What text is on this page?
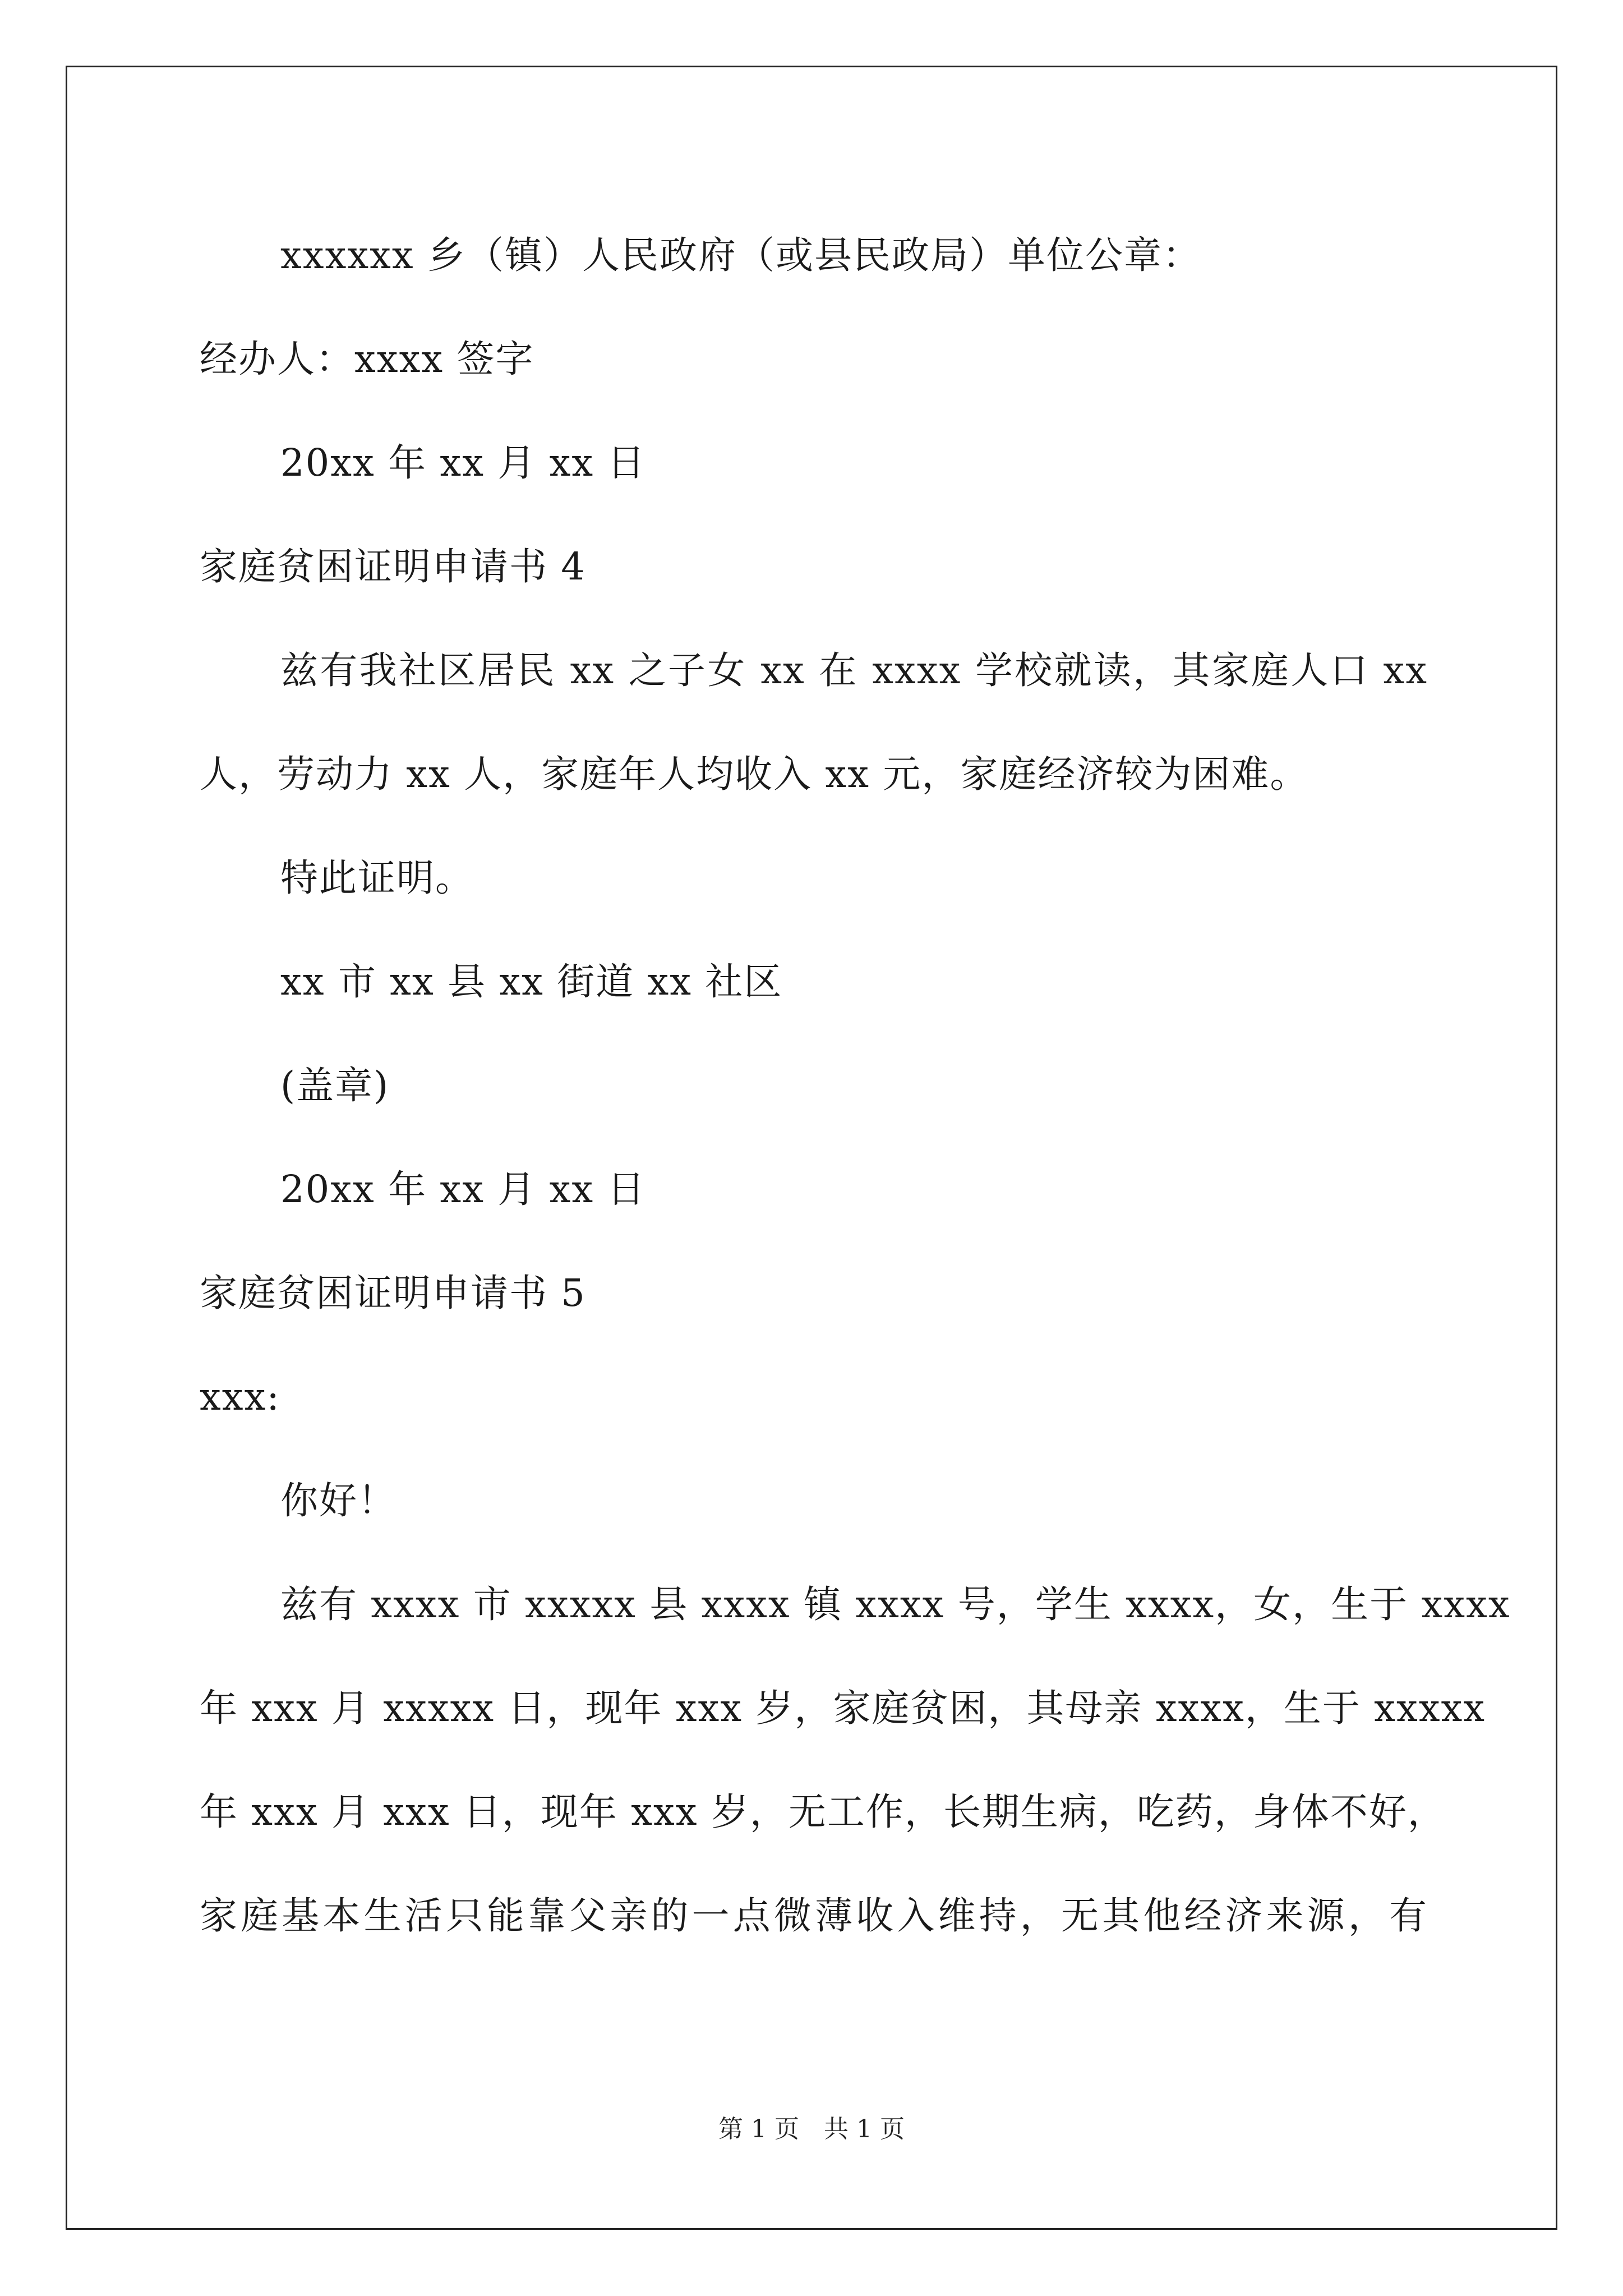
xxxxxx 乡（镇）人民政府（或县民政局）单位公章：
经办人：xxxx 签字
20xx 年 xx 月 xx 日
家庭贫困证明申请书 4
兹有我社区居民 xx 之子女 xx 在 xxxx 学校就读，其家庭人口 xx
人，劳动力 xx 人，家庭年人均收入 xx 元，家庭经济较为困难。
特此证明。
xx 市 xx 县 xx 街道 xx 社区
(盖章)
20xx 年 xx 月 xx 日
家庭贫困证明申请书 5
xxx:
你好！
兹有 xxxx 市 xxxxx 县 xxxx 镇 xxxx 号，学生 xxxx，女，生于 xxxx
年 xxx 月 xxxxx 日，现年 xxx 岁，家庭贫困，其母亲 xxxx，生于 xxxxx
年 xxx 月 xxx 日，现年 xxx 岁，无工作，长期生病，吃药，身体不好，
家庭基本生活只能靠父亲的一点微薄收入维持，无其他经济来源，有
第 1 页　共 1 页
